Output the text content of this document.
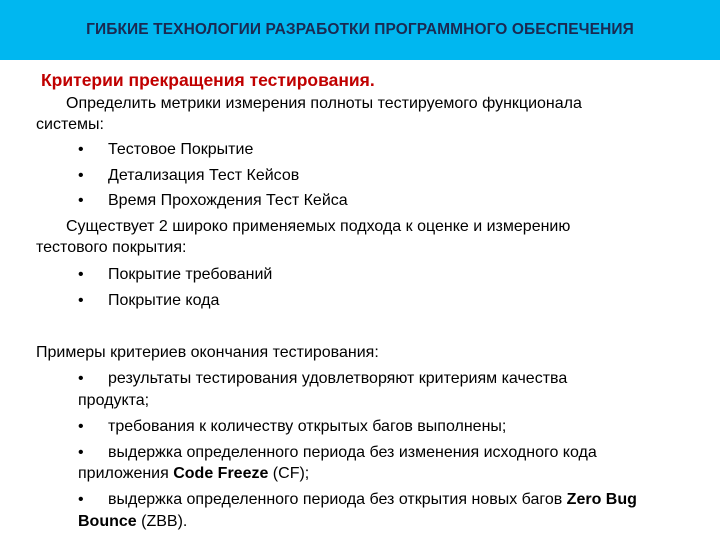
ГИБКИЕ ТЕХНОЛОГИИ РАЗРАБОТКИ ПРОГРАММНОГО ОБЕСПЕЧЕНИЯ
Критерии прекращения тестирования.
Определить метрики измерения полноты тестируемого функционала
системы:
•	Тестовое Покрытие
•	Детализация Тест Кейсов
•	Время Прохождения Тест Кейса
Существует 2 широко применяемых подхода к оценке и измерению
тестового покрытия:
•	Покрытие требований
•	Покрытие кода
Примеры критериев окончания тестирования:
•	результаты тестирования удовлетворяют критериям качества
продукта;
•	требования к количеству открытых багов выполнены;
•	выдержка определенного периода без изменения исходного кода
приложения Code Freeze (CF);
•	выдержка определенного периода без открытия новых багов Zero Bug
Bounce (ZBB).
